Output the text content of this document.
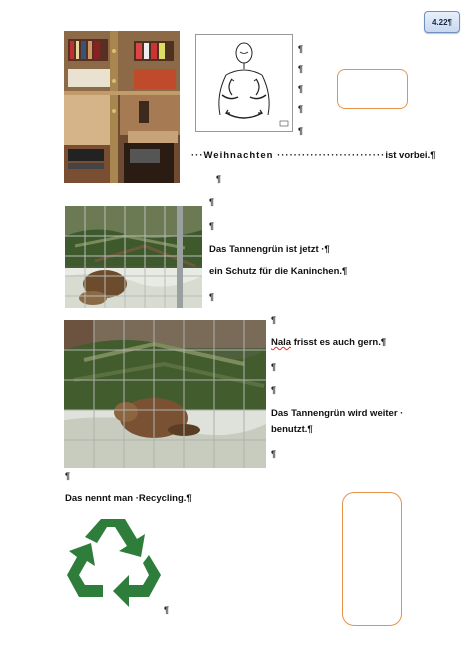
4.22¶
¶
¶
¶
¶
¶
···Weihnachten ··························ist vorbei.¶
¶
¶
¶
Das Tannengrün ist jetzt ·¶
ein Schutz für die Kaninchen.¶
¶
¶
Nala frisst es auch gern.¶
¶
¶
Das Tannengrün wird weiter ·
benutzt.¶
¶
¶
Das nennt man ·Recycling.¶
¶
